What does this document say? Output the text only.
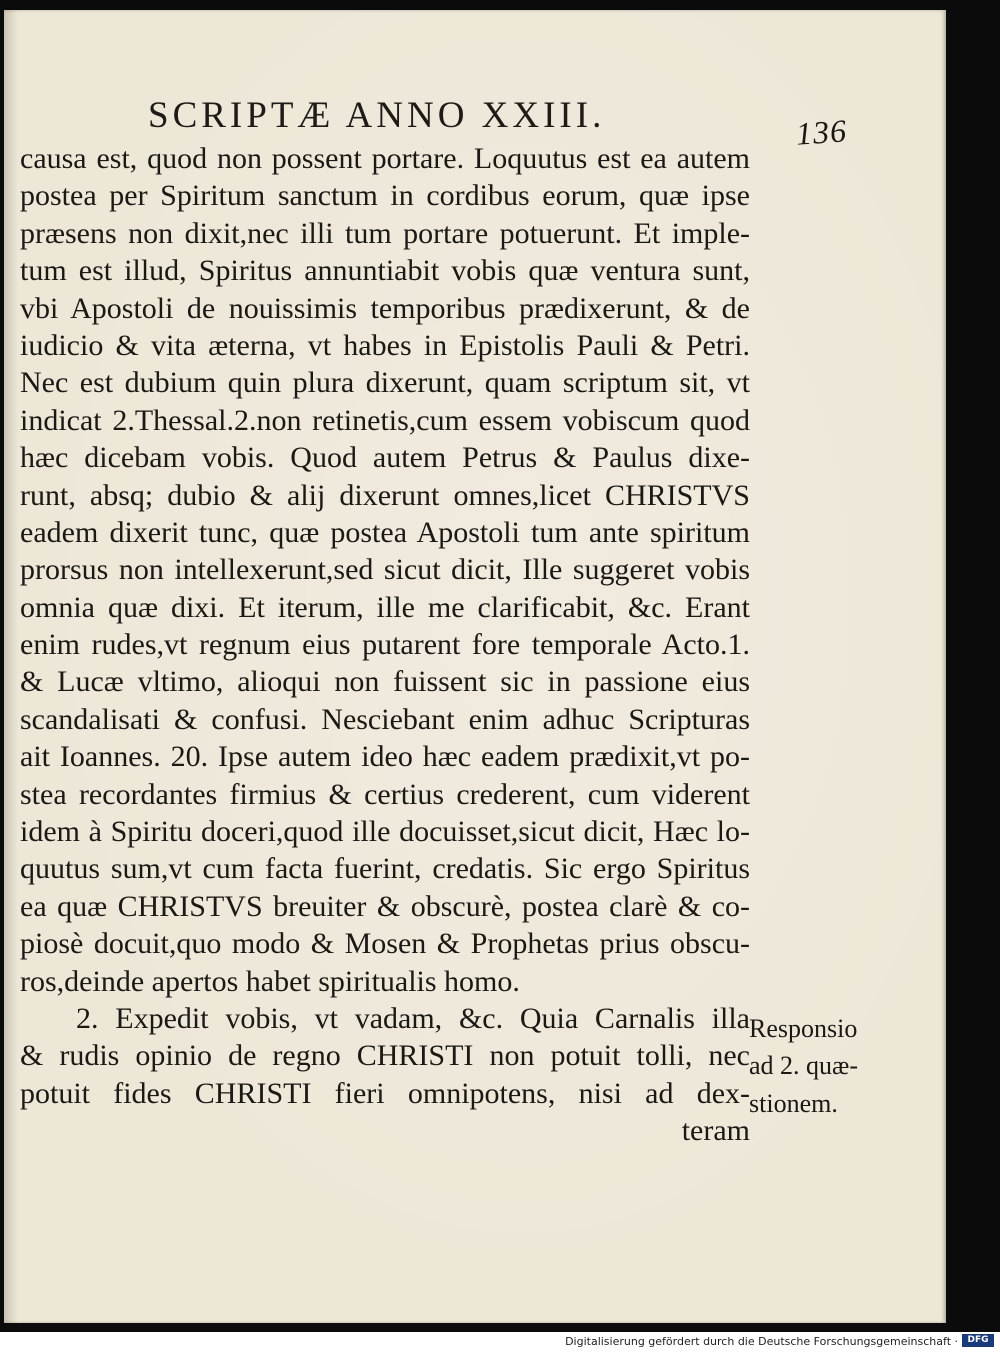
SCRIPTÆ ANNO XXIII.	136
causa est, quod non possent portare. Loquutus est ea autem
postea per Spiritum sanctum in cordibus eorum, quæ ipse
præsens non dixit,nec illi tum portare potuerunt. Et imple-
tum est illud, Spiritus annuntiabit vobis quæ ventura sunt,
vbi Apostoli de nouissimis temporibus prædixerunt, & de
iudicio & vita æterna, vt habes in Epistolis Pauli & Petri.
Nec est dubium quin plura dixerunt, quam scriptum sit, vt
indicat 2.Thessal.2.non retinetis,cum essem vobiscum quod
hæc dicebam vobis. Quod autem Petrus & Paulus dixe-
runt, absq; dubio & alij dixerunt omnes,licet CHRISTVS
eadem dixerit tunc, quæ postea Apostoli tum ante spiritum
prorsus non intellexerunt,sed sicut dicit, Ille suggeret vobis
omnia quæ dixi. Et iterum, ille me clarificabit, &c. Erant
enim rudes,vt regnum eius putarent fore temporale Acto.1.
& Lucæ vltimo, alioqui non fuissent sic in passione eius
scandalisati & confusi. Nesciebant enim adhuc Scripturas
ait Ioannes. 20. Ipse autem ideo hæc eadem prædixit,vt po-
stea recordantes firmius & certius crederent, cum viderent
idem à Spiritu doceri,quod ille docuisset,sicut dicit, Hæc lo-
quutus sum,vt cum facta fuerint, credatis. Sic ergo Spiritus
ea quæ CHRISTVS breuiter & obscurè, postea clarè & co-
piosè docuit,quo modo & Mosen & Prophetas prius obscu-
ros,deinde apertos habet spiritualis homo.
2. Expedit vobis, vt vadam, &c. Quia Carnalis illa
& rudis opinio de regno CHRISTI non potuit tolli, nec
potuit fides CHRISTI fieri omnipotens, nisi ad dex-
teram
Responsio
ad 2. quæ-
stionem.
Digitalisierung gefördert durch die Deutsche Forschungsgemeinschaft ·	DFG
